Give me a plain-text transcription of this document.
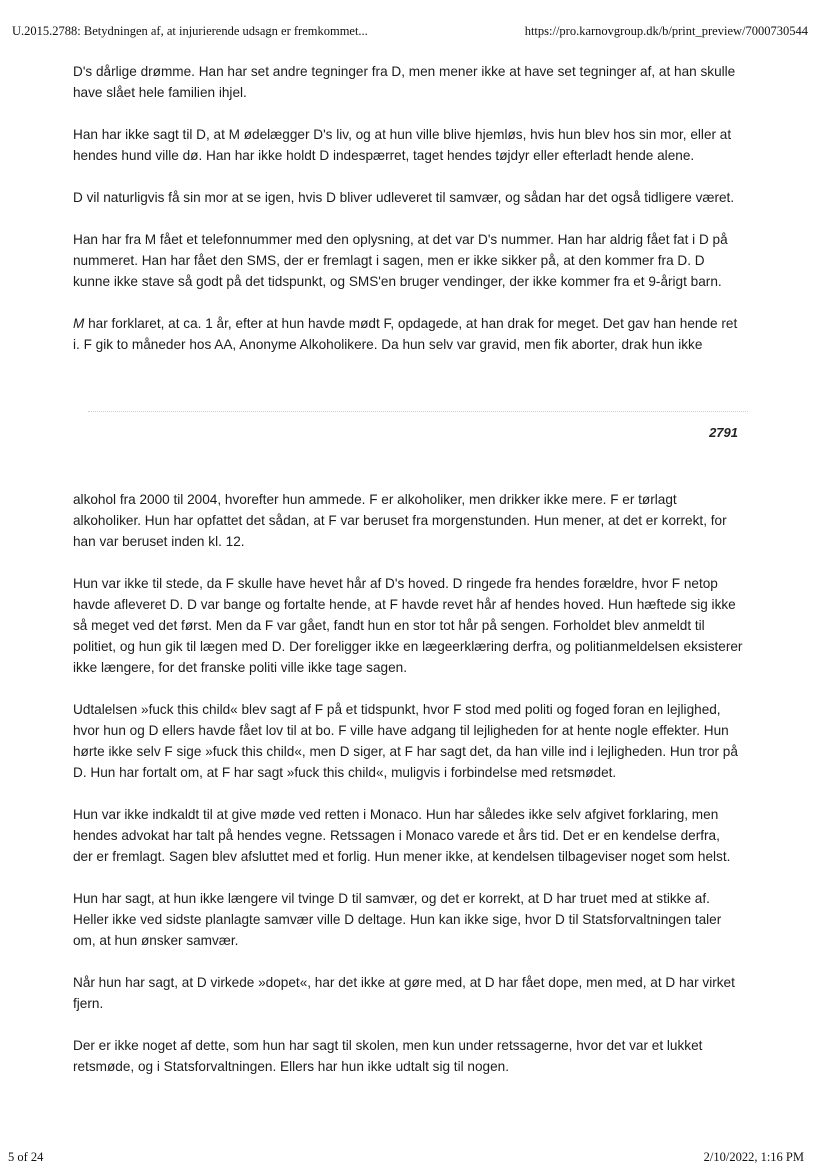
U.2015.2788: Betydningen af, at injurierende udsagn er fremkommet...	https://pro.karnovgroup.dk/b/print_preview/7000730544

D's dårlige drømme. Han har set andre tegninger fra D, men mener ikke at have set tegninger af, at han skulle have slået hele familien ihjel.

Han har ikke sagt til D, at M ødelægger D's liv, og at hun ville blive hjemløs, hvis hun blev hos sin mor, eller at hendes hund ville dø. Han har ikke holdt D indespærret, taget hendes tøjdyr eller efterladt hende alene.

D vil naturligvis få sin mor at se igen, hvis D bliver udleveret til samvær, og sådan har det også tidligere været.

Han har fra M fået et telefonnummer med den oplysning, at det var D's nummer. Han har aldrig fået fat i D på nummeret. Han har fået den SMS, der er fremlagt i sagen, men er ikke sikker på, at den kommer fra D. D kunne ikke stave så godt på det tidspunkt, og SMS'en bruger vendinger, der ikke kommer fra et 9-årigt barn.

M har forklaret, at ca. 1 år, efter at hun havde mødt F, opdagede, at han drak for meget. Det gav han hende ret i. F gik to måneder hos AA, Anonyme Alkoholikere. Da hun selv var gravid, men fik aborter, drak hun ikke

2791

alkohol fra 2000 til 2004, hvorefter hun ammede. F er alkoholiker, men drikker ikke mere. F er tørlagt alkoholiker. Hun har opfattet det sådan, at F var beruset fra morgenstunden. Hun mener, at det er korrekt, for han var beruset inden kl. 12.

Hun var ikke til stede, da F skulle have hevet hår af D's hoved. D ringede fra hendes forældre, hvor F netop havde afleveret D. D var bange og fortalte hende, at F havde revet hår af hendes hoved. Hun hæftede sig ikke så meget ved det først. Men da F var gået, fandt hun en stor tot hår på sengen. Forholdet blev anmeldt til politiet, og hun gik til lægen med D. Der foreligger ikke en lægeerklæring derfra, og politianmeldelsen eksisterer ikke længere, for det franske politi ville ikke tage sagen.

Udtalelsen »fuck this child« blev sagt af F på et tidspunkt, hvor F stod med politi og foged foran en lejlighed, hvor hun og D ellers havde fået lov til at bo. F ville have adgang til lejligheden for at hente nogle effekter. Hun hørte ikke selv F sige »fuck this child«, men D siger, at F har sagt det, da han ville ind i lejligheden. Hun tror på D. Hun har fortalt om, at F har sagt »fuck this child«, muligvis i forbindelse med retsmødet.

Hun var ikke indkaldt til at give møde ved retten i Monaco. Hun har således ikke selv afgivet forklaring, men hendes advokat har talt på hendes vegne. Retssagen i Monaco varede et års tid. Det er en kendelse derfra, der er fremlagt. Sagen blev afsluttet med et forlig. Hun mener ikke, at kendelsen tilbageviser noget som helst.

Hun har sagt, at hun ikke længere vil tvinge D til samvær, og det er korrekt, at D har truet med at stikke af. Heller ikke ved sidste planlagte samvær ville D deltage. Hun kan ikke sige, hvor D til Statsforvaltningen taler om, at hun ønsker samvær.

Når hun har sagt, at D virkede »dopet«, har det ikke at gøre med, at D har fået dope, men med, at D har virket fjern.

Der er ikke noget af dette, som hun har sagt til skolen, men kun under retssagerne, hvor det var et lukket retsmøde, og i Statsforvaltningen. Ellers har hun ikke udtalt sig til nogen.

5 of 24	2/10/2022, 1:16 PM
